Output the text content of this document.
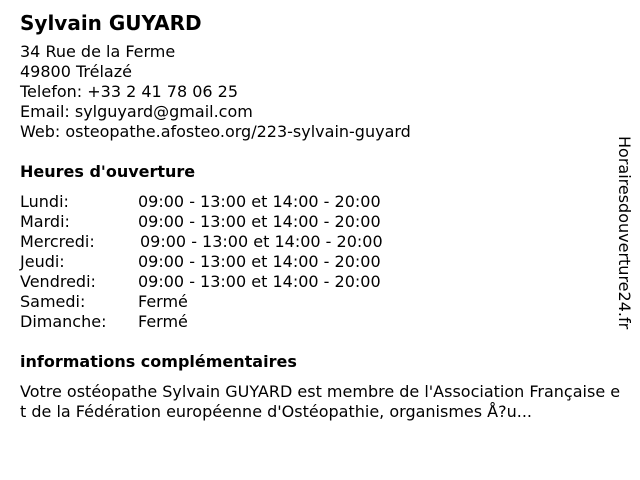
Sylvain GUYARD
34 Rue de la Ferme
49800 Trélazé
Telefon: +33 2 41 78 06 25
Email: sylguyard@gmail.com
Web: osteopathe.afosteo.org/223-sylvain-guyard
Heures d'ouverture
Lundi:	09:00 - 13:00 et 14:00 - 20:00
Mardi:	09:00 - 13:00 et 14:00 - 20:00
Mercredi:	09:00 - 13:00 et 14:00 - 20:00
Jeudi:	09:00 - 13:00 et 14:00 - 20:00
Vendredi:	09:00 - 13:00 et 14:00 - 20:00
Samedi:	Fermé
Dimanche:	Fermé
informations complémentaires
Votre ostéopathe Sylvain GUYARD est membre de l'Association Française et de la Fédération européenne d'Ostéopathie, organismes Å?u...
Horairesdouverture24.fr
